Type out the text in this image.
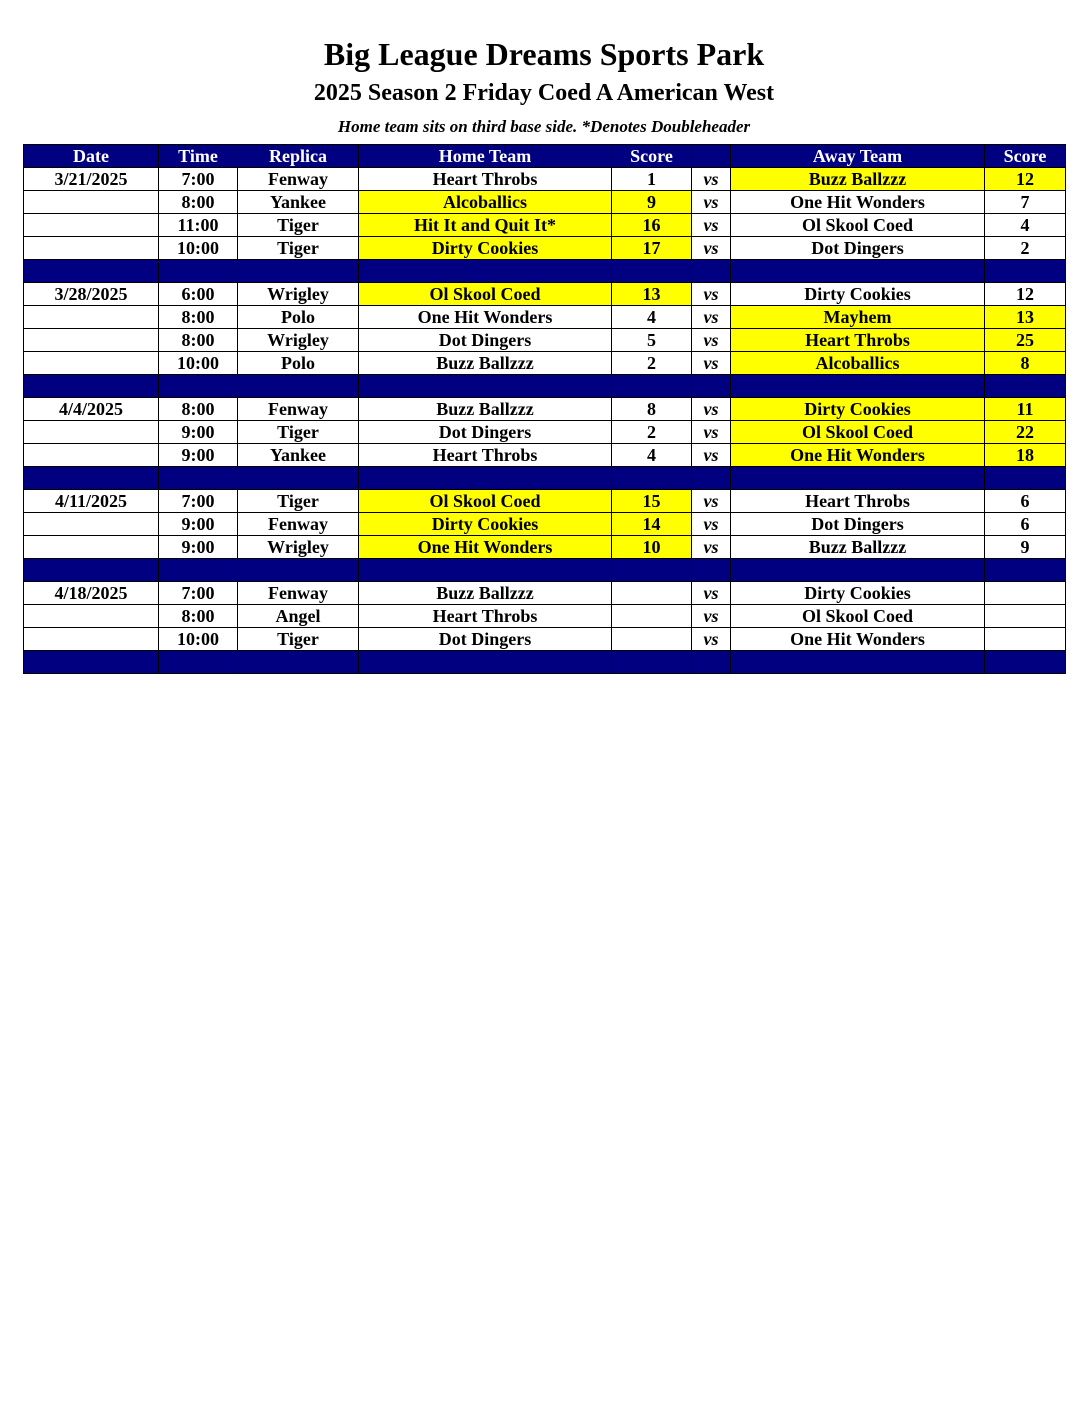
Big League Dreams Sports Park
2025 Season 2 Friday Coed A American West
Home team sits on third base side. *Denotes Doubleheader
Date	Time	Replica	Home Team	Score		Away Team	Score
3/21/2025	7:00	Fenway	Heart Throbs	1	vs	Buzz Ballzzz	12
	8:00	Yankee	Alcoballics	9	vs	One Hit Wonders	7
	11:00	Tiger	Hit It and Quit It*	16	vs	Ol Skool Coed	4
	10:00	Tiger	Dirty Cookies	17	vs	Dot Dingers	2

3/28/2025	6:00	Wrigley	Ol Skool Coed	13	vs	Dirty Cookies	12
	8:00	Polo	One Hit Wonders	4	vs	Mayhem	13
	8:00	Wrigley	Dot Dingers	5	vs	Heart Throbs	25
	10:00	Polo	Buzz Ballzzz	2	vs	Alcoballics	8

4/4/2025	8:00	Fenway	Buzz Ballzzz	8	vs	Dirty Cookies	11
	9:00	Tiger	Dot Dingers	2	vs	Ol Skool Coed	22
	9:00	Yankee	Heart Throbs	4	vs	One Hit Wonders	18

4/11/2025	7:00	Tiger	Ol Skool Coed	15	vs	Heart Throbs	6
	9:00	Fenway	Dirty Cookies	14	vs	Dot Dingers	6
	9:00	Wrigley	One Hit Wonders	10	vs	Buzz Ballzzz	9

4/18/2025	7:00	Fenway	Buzz Ballzzz		vs	Dirty Cookies	
	8:00	Angel	Heart Throbs		vs	Ol Skool Coed	
	10:00	Tiger	Dot Dingers		vs	One Hit Wonders	
